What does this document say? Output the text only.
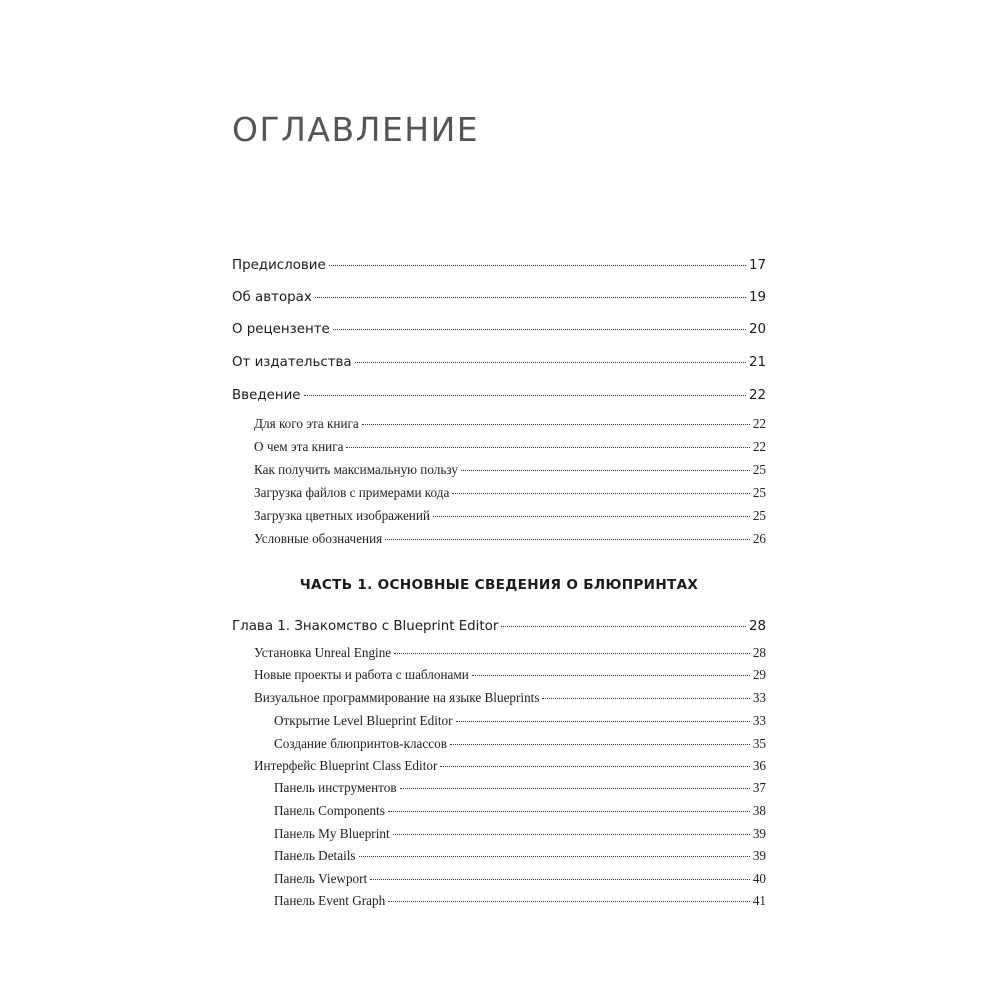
ОГЛАВЛЕНИЕ
Предисловие	17
Об авторах	19
О рецензенте	20
От издательства	21
Введение	22
Для кого эта книга	22
О чем эта книга	22
Как получить максимальную пользу	25
Загрузка файлов с примерами кода	25
Загрузка цветных изображений	25
Условные обозначения	26
ЧАСТЬ 1. ОСНОВНЫЕ СВЕДЕНИЯ О БЛЮПРИНТАХ
Глава 1. Знакомство с Blueprint Editor	28
Установка Unreal Engine	28
Новые проекты и работа с шаблонами	29
Визуальное программирование на языке Blueprints	33
Открытие Level Blueprint Editor	33
Создание блюпринтов-классов	35
Интерфейс Blueprint Class Editor	36
Панель инструментов	37
Панель Components	38
Панель My Blueprint	39
Панель Details	39
Панель Viewport	40
Панель Event Graph	41
